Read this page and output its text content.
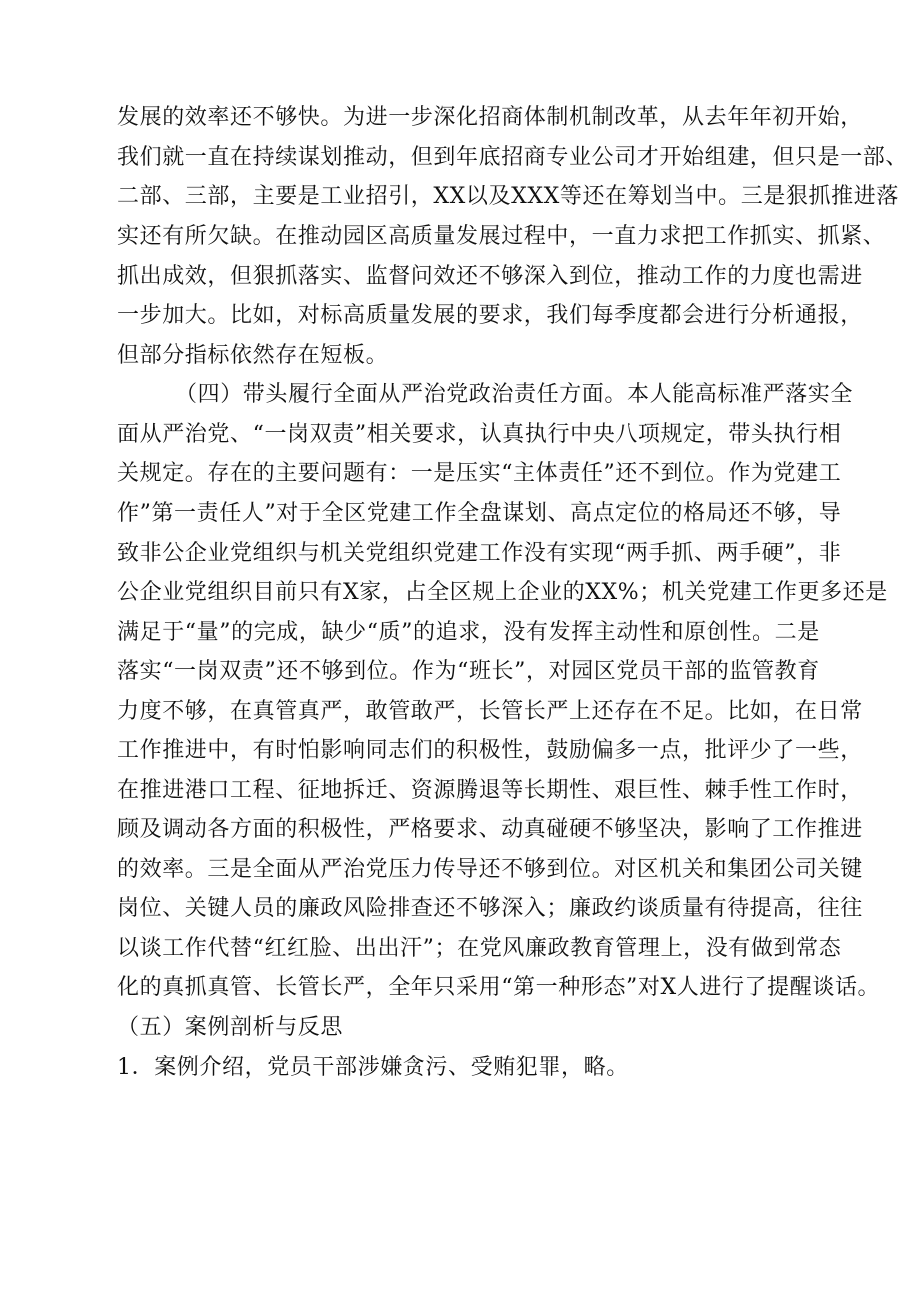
发展的效率还不够快。为进一步深化招商体制机制改革，从去年年初开始，
我们就一直在持续谋划推动，但到年底招商专业公司才开始组建，但只是一部、
二部、三部，主要是工业招引，XX以及XXX等还在筹划当中。三是狠抓推进落
实还有所欠缺。在推动园区高质量发展过程中，一直力求把工作抓实、抓紧、
抓出成效，但狠抓落实、监督问效还不够深入到位，推动工作的力度也需进
一步加大。比如，对标高质量发展的要求，我们每季度都会进行分析通报，
但部分指标依然存在短板。
（四）带头履行全面从严治党政治责任方面。本人能高标准严落实全
面从严治党、“一岗双责”相关要求，认真执行中央八项规定，带头执行相
关规定。存在的主要问题有：一是压实“主体责任”还不到位。作为党建工
作”第一责任人”对于全区党建工作全盘谋划、高点定位的格局还不够，导
致非公企业党组织与机关党组织党建工作没有实现“两手抓、两手硬”，非
公企业党组织目前只有X家，占全区规上企业的XX%；机关党建工作更多还是
满足于“量”的完成，缺少“质”的追求，没有发挥主动性和原创性。二是
落实“一岗双责”还不够到位。作为“班长”，对园区党员干部的监管教育
力度不够，在真管真严，敢管敢严，长管长严上还存在不足。比如，在日常
工作推进中，有时怕影响同志们的积极性，鼓励偏多一点，批评少了一些，
在推进港口工程、征地拆迁、资源腾退等长期性、艰巨性、棘手性工作时，
顾及调动各方面的积极性，严格要求、动真碰硬不够坚决，影响了工作推进
的效率。三是全面从严治党压力传导还不够到位。对区机关和集团公司关键
岗位、关键人员的廉政风险排查还不够深入；廉政约谈质量有待提高，往往
以谈工作代替“红红脸、出出汗”；在党风廉政教育管理上，没有做到常态
化的真抓真管、长管长严，全年只采用“第一种形态”对X人进行了提醒谈话。
（五）案例剖析与反思
1．案例介绍，党员干部涉嫌贪污、受贿犯罪，略。
